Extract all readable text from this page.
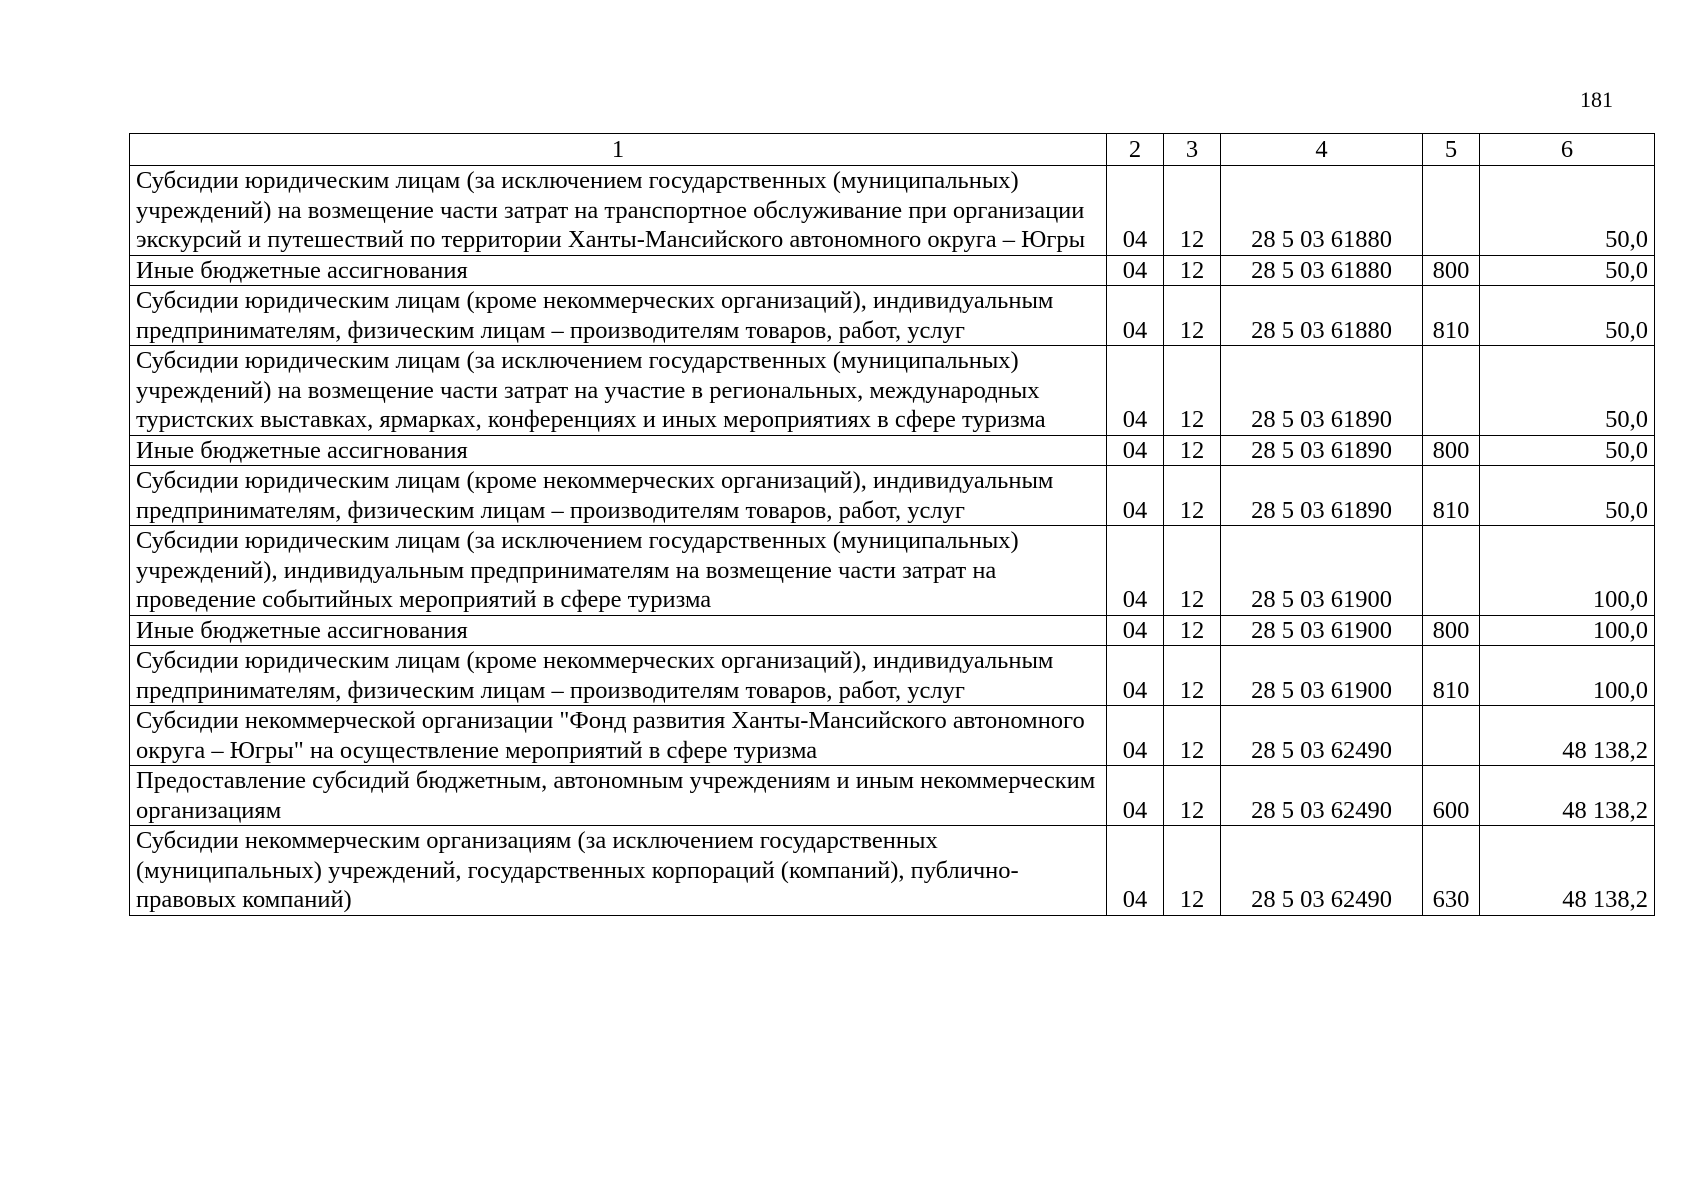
181
1	2	3	4	5	6
Субсидии юридическим лицам (за исключением государственных (муниципальных) учреждений) на возмещение части затрат на транспортное обслуживание при организации экскурсий и путешествий по территории Ханты-Мансийского автономного округа – Югры	04	12	28 5 03 61880		50,0
Иные бюджетные ассигнования	04	12	28 5 03 61880	800	50,0
Субсидии юридическим лицам (кроме некоммерческих организаций), индивидуальным предпринимателям, физическим лицам – производителям товаров, работ, услуг	04	12	28 5 03 61880	810	50,0
Субсидии юридическим лицам (за исключением государственных (муниципальных) учреждений) на возмещение части затрат на участие в региональных, международных туристских выставках, ярмарках, конференциях и иных мероприятиях в сфере туризма	04	12	28 5 03 61890		50,0
Иные бюджетные ассигнования	04	12	28 5 03 61890	800	50,0
Субсидии юридическим лицам (кроме некоммерческих организаций), индивидуальным предпринимателям, физическим лицам – производителям товаров, работ, услуг	04	12	28 5 03 61890	810	50,0
Субсидии юридическим лицам (за исключением государственных (муниципальных) учреждений), индивидуальным предпринимателям на возмещение части затрат на проведение событийных мероприятий в сфере туризма	04	12	28 5 03 61900		100,0
Иные бюджетные ассигнования	04	12	28 5 03 61900	800	100,0
Субсидии юридическим лицам (кроме некоммерческих организаций), индивидуальным предпринимателям, физическим лицам – производителям товаров, работ, услуг	04	12	28 5 03 61900	810	100,0
Субсидии некоммерческой организации "Фонд развития Ханты-Мансийского автономного округа – Югры" на осуществление мероприятий в сфере туризма	04	12	28 5 03 62490		48 138,2
Предоставление субсидий бюджетным, автономным учреждениям и иным некоммерческим организациям	04	12	28 5 03 62490	600	48 138,2
Субсидии некоммерческим организациям (за исключением государственных (муниципальных) учреждений, государственных корпораций (компаний), публично-правовых компаний)	04	12	28 5 03 62490	630	48 138,2
